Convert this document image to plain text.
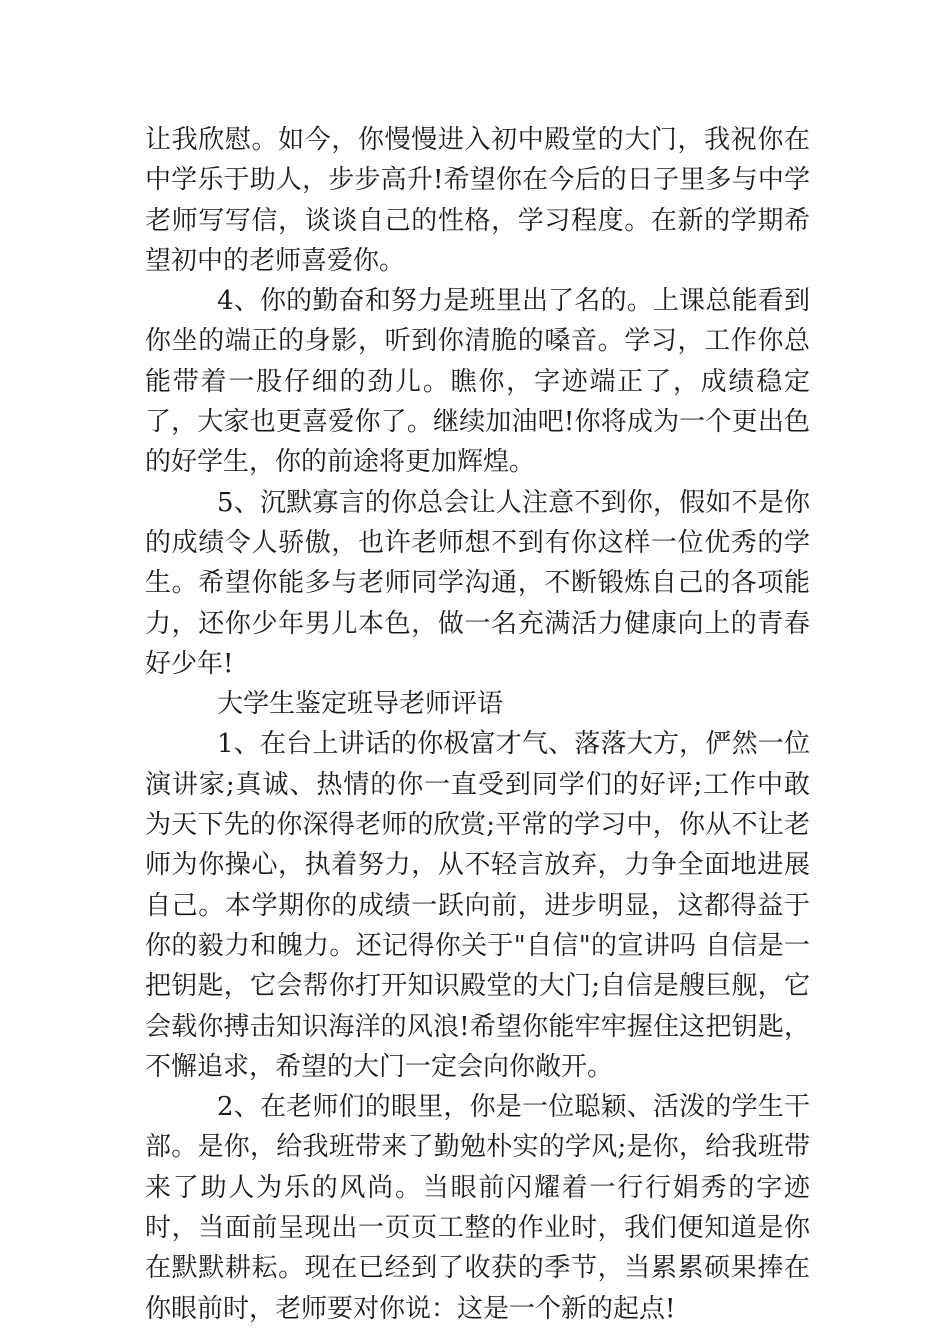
让我欣慰。如今，你慢慢进入初中殿堂的大门，我祝你在中学乐于助人，步步高升!希望你在今后的日子里多与中学老师写写信，谈谈自己的性格，学习程度。在新的学期希望初中的老师喜爱你。

4、你的勤奋和努力是班里出了名的。上课总能看到你坐的端正的身影，听到你清脆的嗓音。学习，工作你总能带着一股仔细的劲儿。瞧你，字迹端正了，成绩稳定了，大家也更喜爱你了。继续加油吧!你将成为一个更出色的好学生，你的前途将更加辉煌。

5、沉默寡言的你总会让人注意不到你，假如不是你的成绩令人骄傲，也许老师想不到有你这样一位优秀的学生。希望你能多与老师同学沟通，不断锻炼自己的各项能力，还你少年男儿本色，做一名充满活力健康向上的青春好少年!

大学生鉴定班导老师评语

1、在台上讲话的你极富才气、落落大方，俨然一位演讲家;真诚、热情的你一直受到同学们的好评;工作中敢为天下先的你深得老师的欣赏;平常的学习中，你从不让老师为你操心，执着努力，从不轻言放弃，力争全面地进展自己。本学期你的成绩一跃向前，进步明显，这都得益于你的毅力和魄力。还记得你关于"自信"的宣讲吗 自信是一把钥匙，它会帮你打开知识殿堂的大门;自信是艘巨舰，它会载你搏击知识海洋的风浪!希望你能牢牢握住这把钥匙，不懈追求，希望的大门一定会向你敞开。

2、在老师们的眼里，你是一位聪颖、活泼的学生干部。是你，给我班带来了勤勉朴实的学风;是你，给我班带来了助人为乐的风尚。当眼前闪耀着一行行娟秀的字迹时，当面前呈现出一页页工整的作业时，我们便知道是你在默默耕耘。现在已经到了收获的季节，当累累硕果捧在你眼前时，老师要对你说：这是一个新的起点!
